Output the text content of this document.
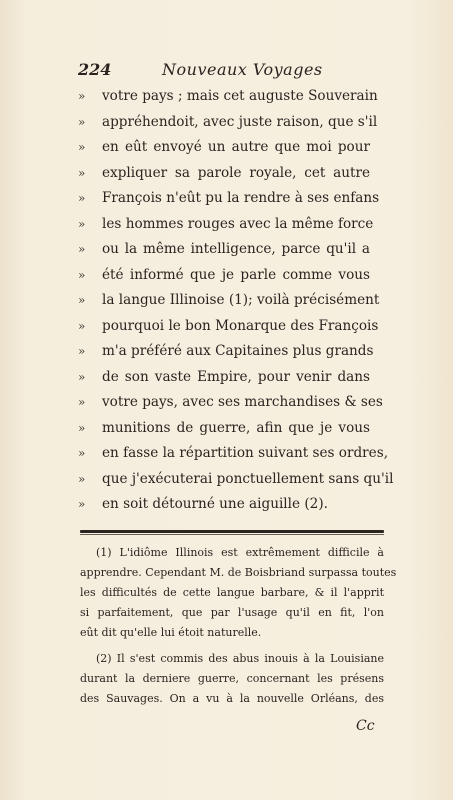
224	Nouveaux Voyages
»	votre pays ; mais cet auguste Souverain
»	appréhendoit, avec juste raison, que s'il
»	en eût envoyé un autre que moi pour
»	expliquer sa parole royale, cet autre
»	François n'eût pu la rendre à ses enfans
»	les hommes rouges avec la même force
»	ou la même intelligence, parce qu'il a
»	été informé que je parle comme vous
»	la langue Illinoise (1); voilà précisément
»	pourquoi le bon Monarque des François
»	m'a préféré aux Capitaines plus grands
»	de son vaste Empire, pour venir dans
»	votre pays, avec ses marchandises & ses
»	munitions de guerre, afin que je vous
»	en fasse la répartition suivant ses ordres,
»	que j'exécuterai ponctuellement sans qu'il
»	en soit détourné une aiguille (2).
(1) L'idiôme Illinois est extrêmement difficile à
apprendre. Cependant M. de Boisbriand surpassa toutes
les difficultés de cette langue barbare, & il l'apprit
si parfaitement, que par l'usage qu'il en fit, l'on
eût dit qu'elle lui étoit naturelle.
(2) Il s'est commis des abus inouis à la Louisiane
durant la derniere guerre, concernant les présens
des Sauvages. On a vu à la nouvelle Orléans, des
Cc
